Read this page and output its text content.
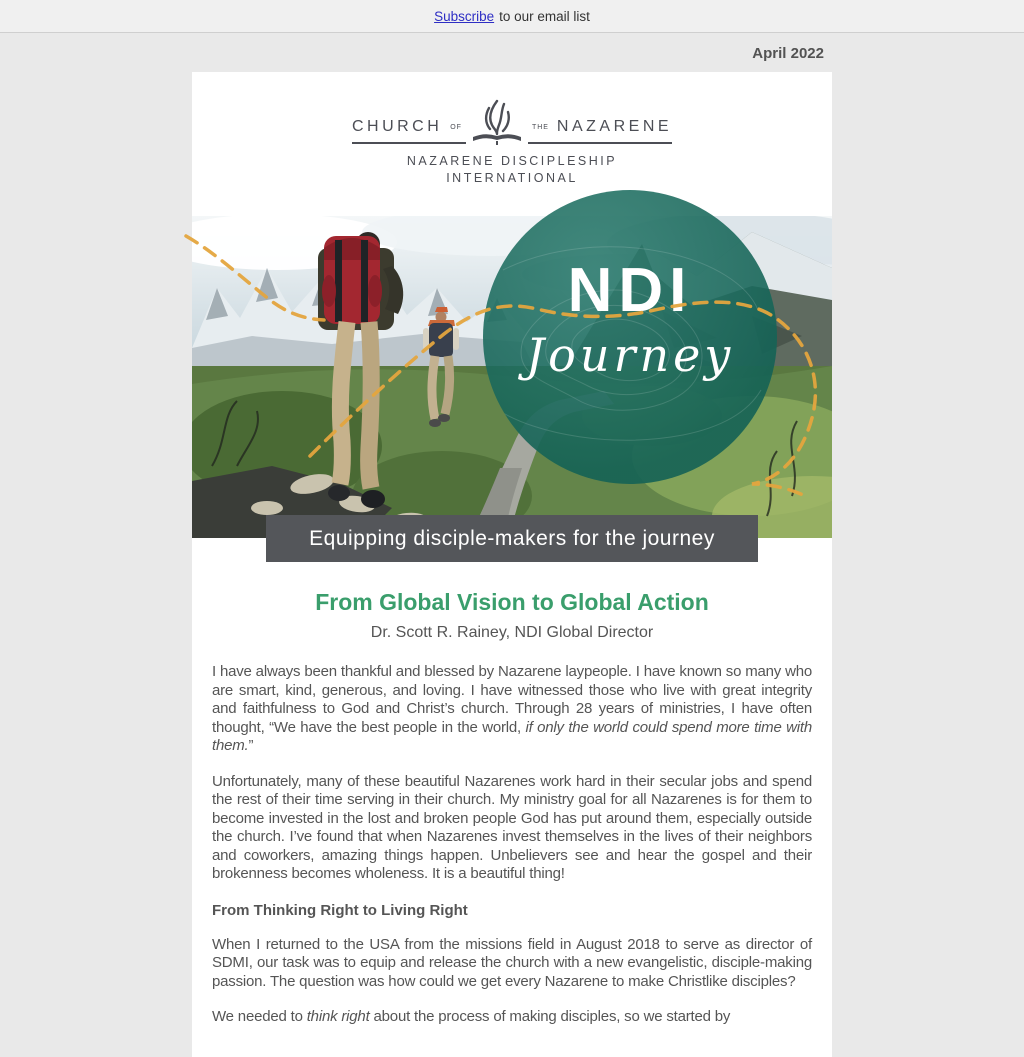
Subscribe to our email list
April 2022
CHURCH OF	THE NAZARENE
NAZARENE DISCIPLESHIP
INTERNATIONAL
NDI
Journey
Equipping disciple-makers for the journey
From Global Vision to Global Action
Dr. Scott R. Rainey, NDI Global Director

I have always been thankful and blessed by Nazarene laypeople. I have known so many who are smart, kind, generous, and loving. I have witnessed those who live with great integrity and faithfulness to God and Christ’s church. Through 28 years of ministries, I have often thought, “We have the best people in the world, if only the world could spend more time with them.”

Unfortunately, many of these beautiful Nazarenes work hard in their secular jobs and spend the rest of their time serving in their church. My ministry goal for all Nazarenes is for them to become invested in the lost and broken people God has put around them, especially outside the church. I’ve found that when Nazarenes invest themselves in the lives of their neighbors and coworkers, amazing things happen. Unbelievers see and hear the gospel and their brokenness becomes wholeness. It is a beautiful thing!

From Thinking Right to Living Right

When I returned to the USA from the missions field in August 2018 to serve as director of SDMI, our task was to equip and release the church with a new evangelistic, disciple-making passion. The question was how could we get every Nazarene to make Christlike disciples?

We needed to think right about the process of making disciples, so we started by
